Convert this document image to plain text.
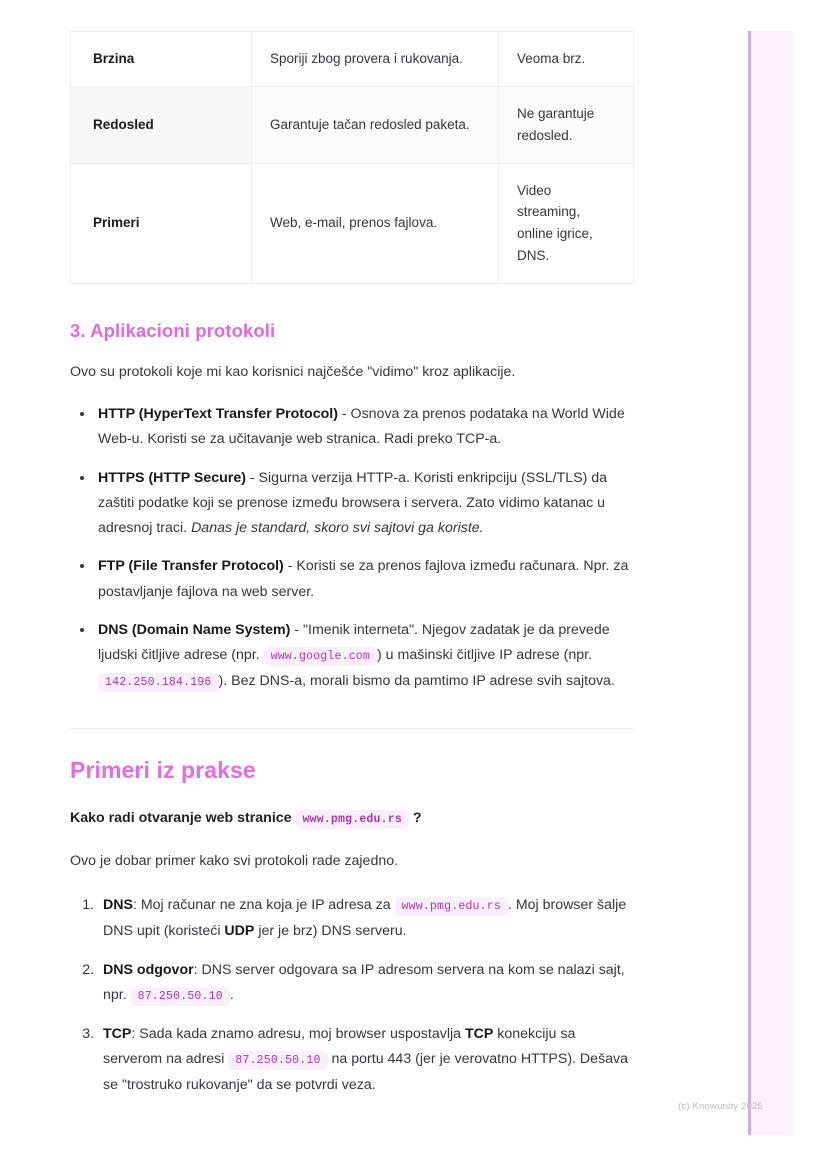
Brzina	Sporiji zbog provera i rukovanja.	Veoma brz.
Redosled	Garantuje tačan redosled paketa.	Ne garantuje redosled.
Primeri	Web, e-mail, prenos fajlova.	Video streaming, online igrice, DNS.
3. Aplikacioni protokoli

Ovo su protokoli koje mi kao korisnici najčešće "vidimo" kroz aplikacije.

• HTTP (HyperText Transfer Protocol) - Osnova za prenos podataka na World Wide Web-u. Koristi se za učitavanje web stranica. Radi preko TCP-a.
• HTTPS (HTTP Secure) - Sigurna verzija HTTP-a. Koristi enkripciju (SSL/TLS) da zaštiti podatke koji se prenose između browsera i servera. Zato vidimo katanac u adresnoj traci. Danas je standard, skoro svi sajtovi ga koriste.
• FTP (File Transfer Protocol) - Koristi se za prenos fajlova između računara. Npr. za postavljanje fajlova na web server.
• DNS (Domain Name System) - "Imenik interneta". Njegov zadatak je da prevede ljudski čitljive adrese (npr. www.google.com ) u mašinski čitljive IP adrese (npr. 142.250.184.196 ). Bez DNS-a, morali bismo da pamtimo IP adrese svih sajtova.
Primeri iz prakse

Kako radi otvaranje web stranice www.pmg.edu.rs ?

Ovo je dobar primer kako svi protokoli rade zajedno.

1. DNS: Moj računar ne zna koja je IP adresa za www.pmg.edu.rs . Moj browser šalje DNS upit (koristeći UDP jer je brz) DNS serveru.
2. DNS odgovor: DNS server odgovara sa IP adresom servera na kom se nalazi sajt, npr. 87.250.50.10 .
3. TCP: Sada kada znamo adresu, moj browser uspostavlja TCP konekciju sa serverom na adresi 87.250.50.10 na portu 443 (jer je verovatno HTTPS). Dešava se "trostruko rukovanje" da se potvrdi veza.
(c) Knowunity 2025
